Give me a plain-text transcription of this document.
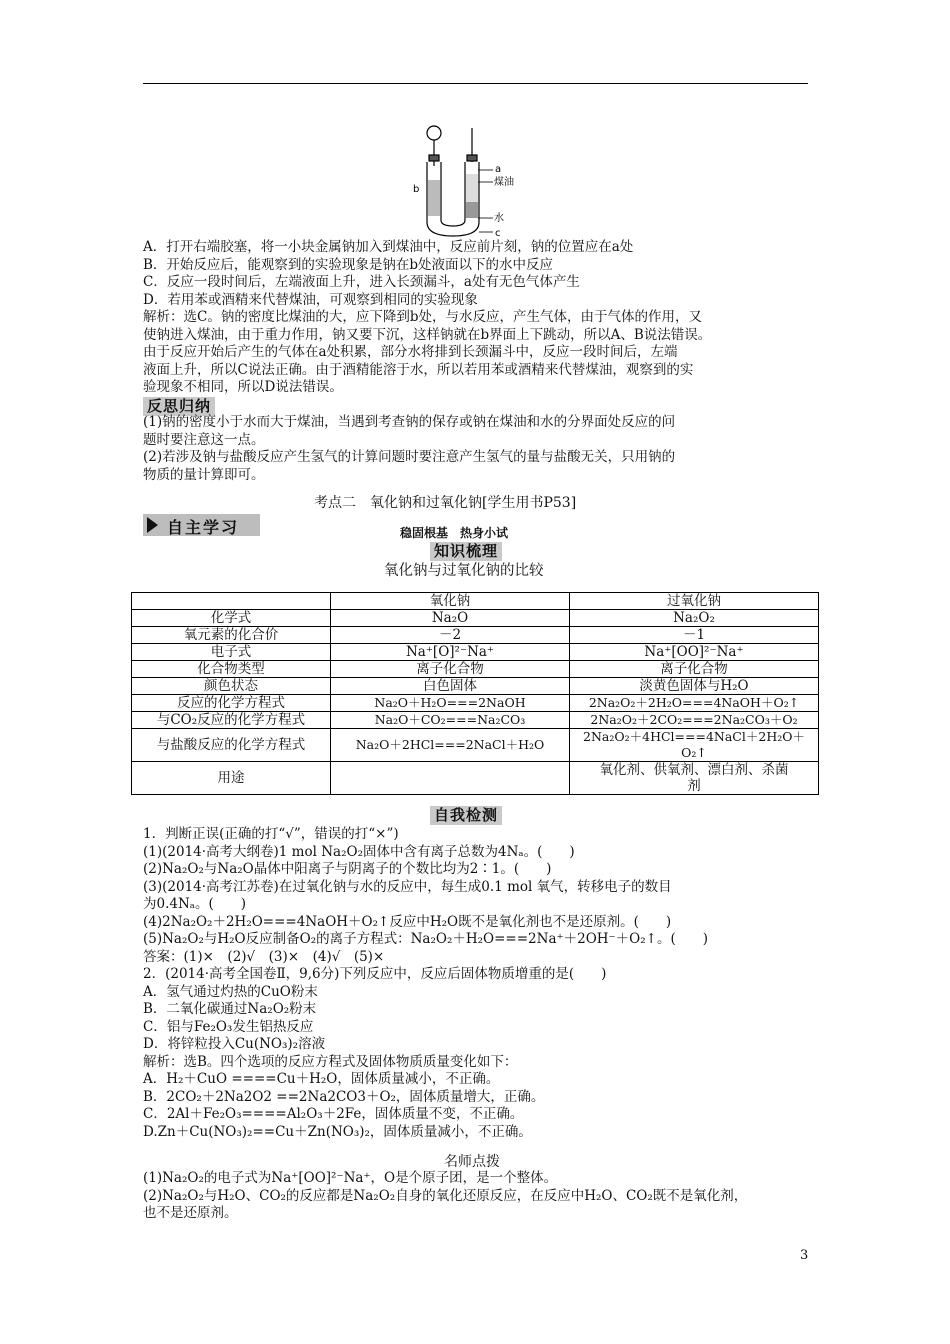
a
b
煤油
水
c
A．打开右端胶塞，将一小块金属钠加入到煤油中，反应前片刻，钠的位置应在a处
B．开始反应后，能观察到的实验现象是钠在b处液面以下的水中反应
C．反应一段时间后，左端液面上升，进入长颈漏斗，a处有无色气体产生
D．若用苯或酒精来代替煤油，可观察到相同的实验现象
解析：选C。钠的密度比煤油的大，应下降到b处，与水反应，产生气体，由于气体的作用，又
使钠进入煤油，由于重力作用，钠又要下沉，这样钠就在b界面上下跳动，所以A、B说法错误。
由于反应开始后产生的气体在a处积累，部分水将排到长颈漏斗中，反应一段时间后，左端
液面上升，所以C说法正确。由于酒精能溶于水，所以若用苯或酒精来代替煤油，观察到的实
验现象不相同，所以D说法错误。
反思归纳
(1)钠的密度小于水而大于煤油，当遇到考查钠的保存或钠在煤油和水的分界面处反应的问
题时要注意这一点。
(2)若涉及钠与盐酸反应产生氢气的计算问题时要注意产生氢气的量与盐酸无关，只用钠的
物质的量计算即可。
考点二　氧化钠和过氧化钠[学生用书P53]
自主学习	稳固根基　热身小试
知识梳理
氧化钠与过氧化钠的比较
	氧化钠	过氧化钠
化学式	Na₂O	Na₂O₂
氧元素的化合价	－2	－1
电子式	Na⁺[O]²⁻Na⁺	Na⁺[OO]²⁻Na⁺
化合物类型	离子化合物	离子化合物
颜色状态	白色固体	淡黄色固体与H₂O
反应的化学方程式	Na₂O＋H₂O===2NaOH	2Na₂O₂＋2H₂O===4NaOH＋O₂↑
与CO₂反应的化学方程式	Na₂O＋CO₂===Na₂CO₃	2Na₂O₂＋2CO₂===2Na₂CO₃＋O₂
与盐酸反应的化学方程式	Na₂O＋2HCl===2NaCl＋H₂O	2Na₂O₂＋4HCl===4NaCl＋2H₂O＋
O₂↑
用途		氧化剂、供氧剂、漂白剂、杀菌
剂
自我检测
1．判断正误(正确的打“√”，错误的打“×”)
(1)(2014·高考大纲卷)1 mol Na₂O₂固体中含有离子总数为4Nₐ。(　　)
(2)Na₂O₂与Na₂O晶体中阳离子与阴离子的个数比均为2∶1。(　　)
(3)(2014·高考江苏卷)在过氧化钠与水的反应中，每生成0.1 mol 氧气，转移电子的数目
为0.4Nₐ。(　　)
(4)2Na₂O₂＋2H₂O===4NaOH＋O₂↑反应中H₂O既不是氧化剂也不是还原剂。(　　)
(5)Na₂O₂与H₂O反应制备O₂的离子方程式：Na₂O₂＋H₂O===2Na⁺＋2OH⁻＋O₂↑。(　　)
答案：(1)×　(2)√　(3)×　(4)√　(5)×
2．(2014·高考全国卷Ⅱ，9,6分)下列反应中，反应后固体物质增重的是(　　)
A．氢气通过灼热的CuO粉末
B．二氧化碳通过Na₂O₂粉末
C．铝与Fe₂O₃发生铝热反应
D．将锌粒投入Cu(NO₃)₂溶液
解析：选B。四个选项的反应方程式及固体物质质量变化如下：
A．H₂＋CuO ====Cu＋H₂O，固体质量减小，不正确。
B．2CO₂＋2Na2O2 ==2Na2CO3＋O₂，固体质量增大，正确。
C．2Al＋Fe₂O₃====Al₂O₃＋2Fe，固体质量不变，不正确。
D.Zn＋Cu(NO₃)₂==Cu＋Zn(NO₃)₂，固体质量减小，不正确。
名师点拨
(1)Na₂O₂的电子式为Na⁺[OO]²⁻Na⁺，O是个原子团，是一个整体。
(2)Na₂O₂与H₂O、CO₂的反应都是Na₂O₂自身的氧化还原反应，在反应中H₂O、CO₂既不是氧化剂，
也不是还原剂。
3
